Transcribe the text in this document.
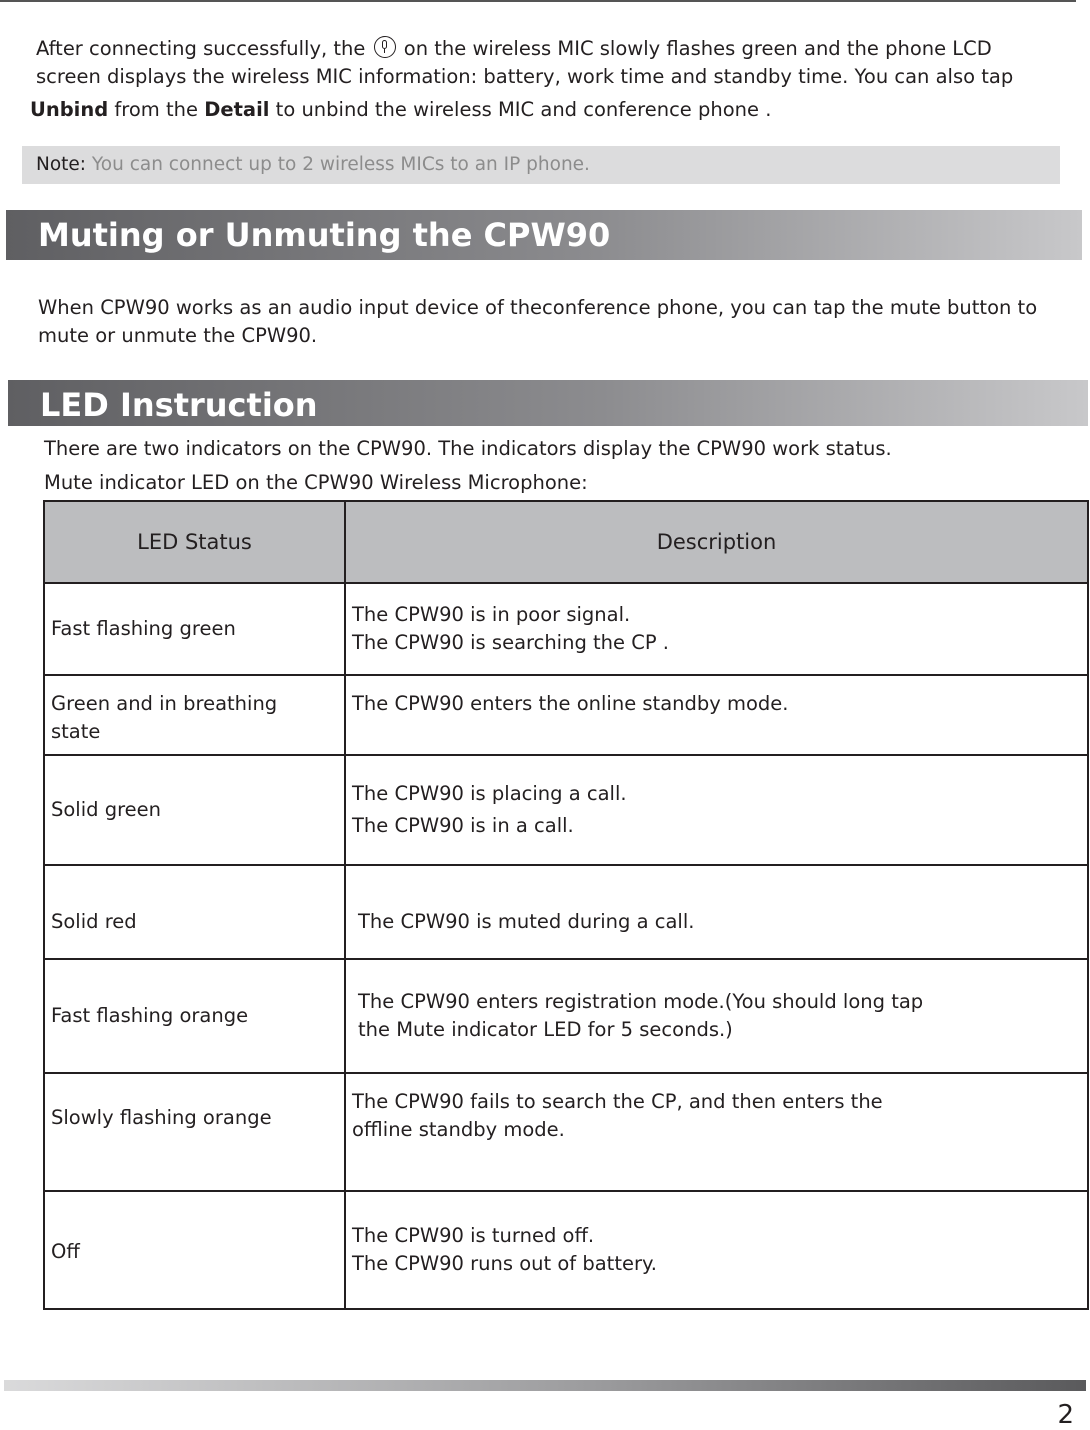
After connecting successfully, the on the wireless MIC slowly flashes green and the phone LCD

screen displays the wireless MIC information: battery, work time and standby time. You can also tap

Unbind from the Detail to unbind the wireless MIC and conference phone .

Note: You can connect up to 2 wireless MICs to an IP phone.
Muting or Unmuting the CPW90

When CPW90 works as an audio input device of theconference phone, you can tap the mute button to

mute or unmute the CPW90.

LED Instruction

There are two indicators on the CPW90. The indicators display the CPW90 work status.

Mute indicator LED on the CPW90 Wireless Microphone:

LED Status	Description
Fast flashing green	The CPW90 is in poor signal.
The CPW90 is searching the CP .

Green and in breathing
state	The CPW90 enters the online standby mode.

Solid green	The CPW90 is placing a call.
The CPW90 is in a call.

Solid red	The CPW90 is muted during a call.

Fast flashing orange	The CPW90 enters registration mode.(You should long tap
the Mute indicator LED for 5 seconds.)

Slowly flashing orange	The CPW90 fails to search the CP, and then enters the
offline standby mode.

Off	The CPW90 is turned off.
The CPW90 runs out of battery.
2
